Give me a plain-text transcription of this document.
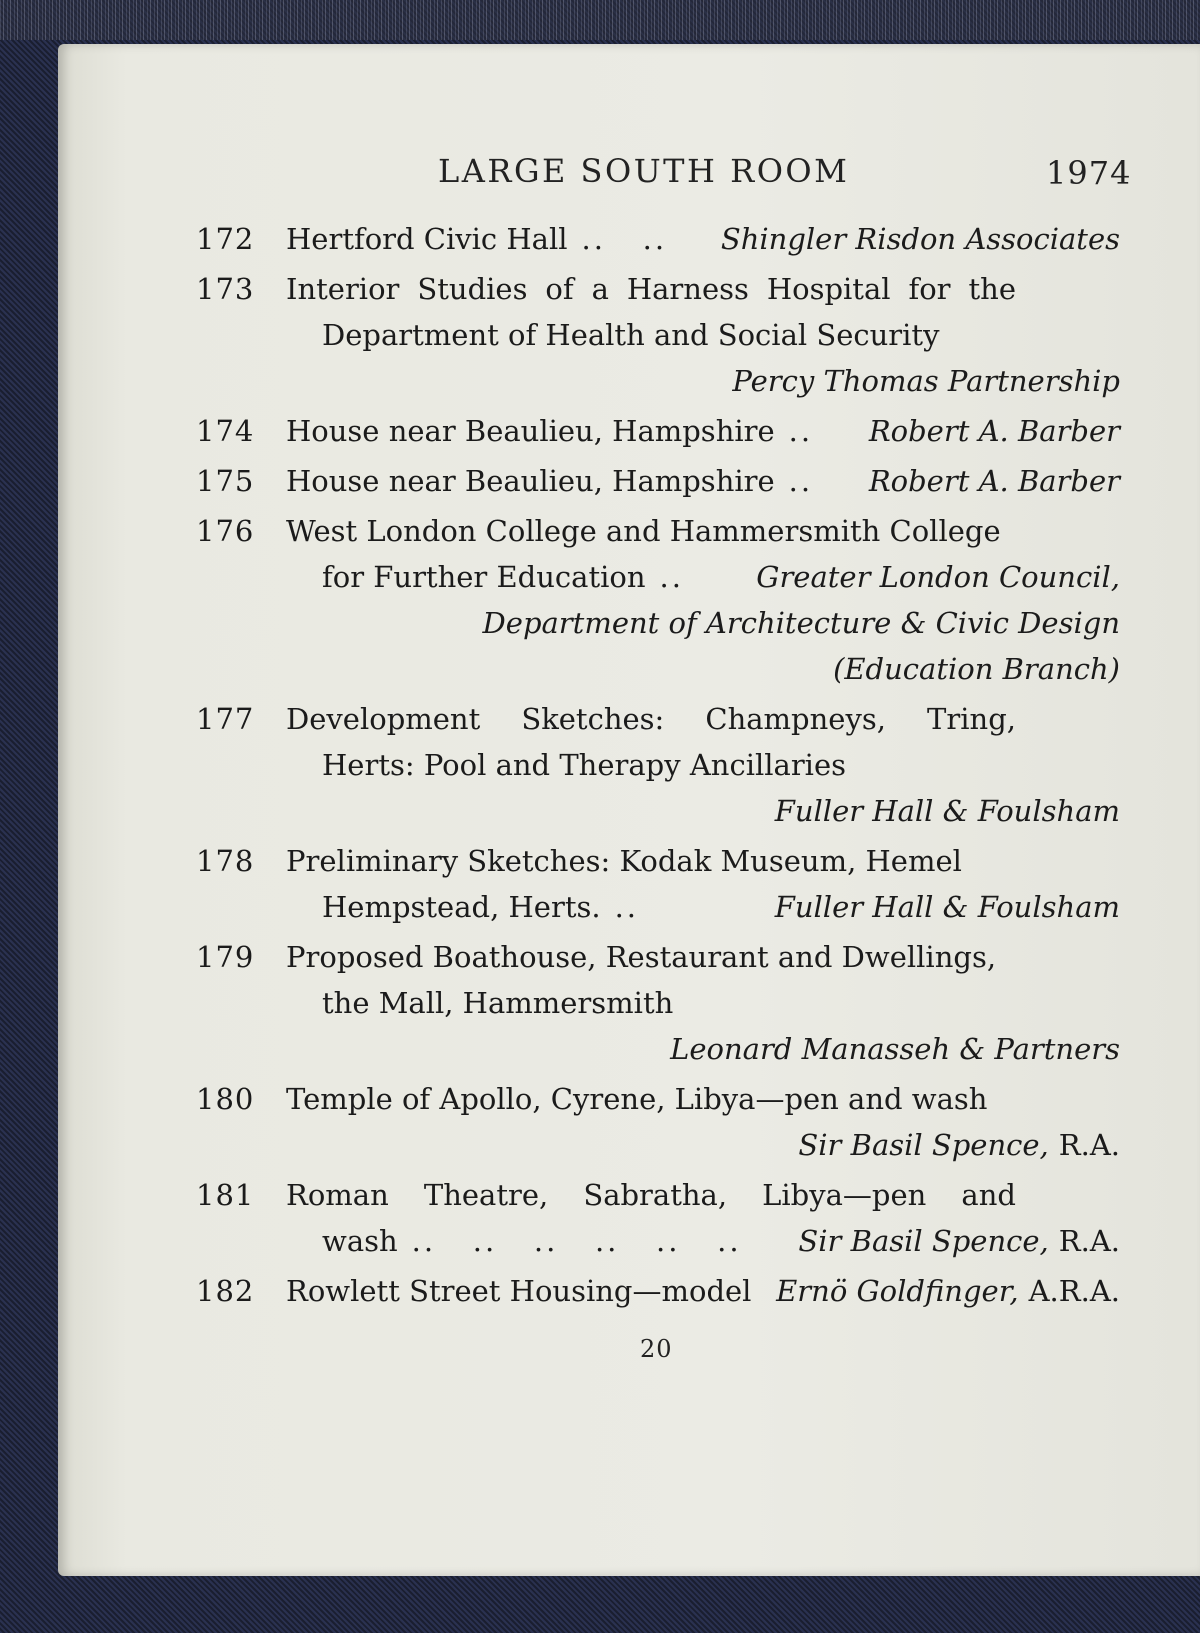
LARGE SOUTH ROOM	1974
172	Hertford Civic Hall ..   .. Shingler Risdon Associates
173	Interior Studies of a Harness Hospital for the
Department of Health and Social Security
Percy Thomas Partnership
174	House near Beaulieu, Hampshire .. Robert A. Barber
175	House near Beaulieu, Hampshire .. Robert A. Barber
176	West London College and Hammersmith College
for Further Education .. Greater London Council,
Department of Architecture & Civic Design
(Education Branch)
177	Development Sketches: Champneys, Tring,
Herts: Pool and Therapy Ancillaries
Fuller Hall & Foulsham
178	Preliminary Sketches: Kodak Museum, Hemel
Hempstead, Herts. ..	Fuller Hall & Foulsham
179	Proposed Boathouse, Restaurant and Dwellings,
the Mall, Hammersmith
Leonard Manasseh & Partners
180	Temple of Apollo, Cyrene, Libya—pen and wash
Sir Basil Spence, R.A.
181	Roman Theatre, Sabratha, Libya—pen and
wash ..   ..   ..   ..   ..   .. Sir Basil Spence, R.A.
182	Rowlett Street Housing—model Ernö Goldfinger, A.R.A.
20
